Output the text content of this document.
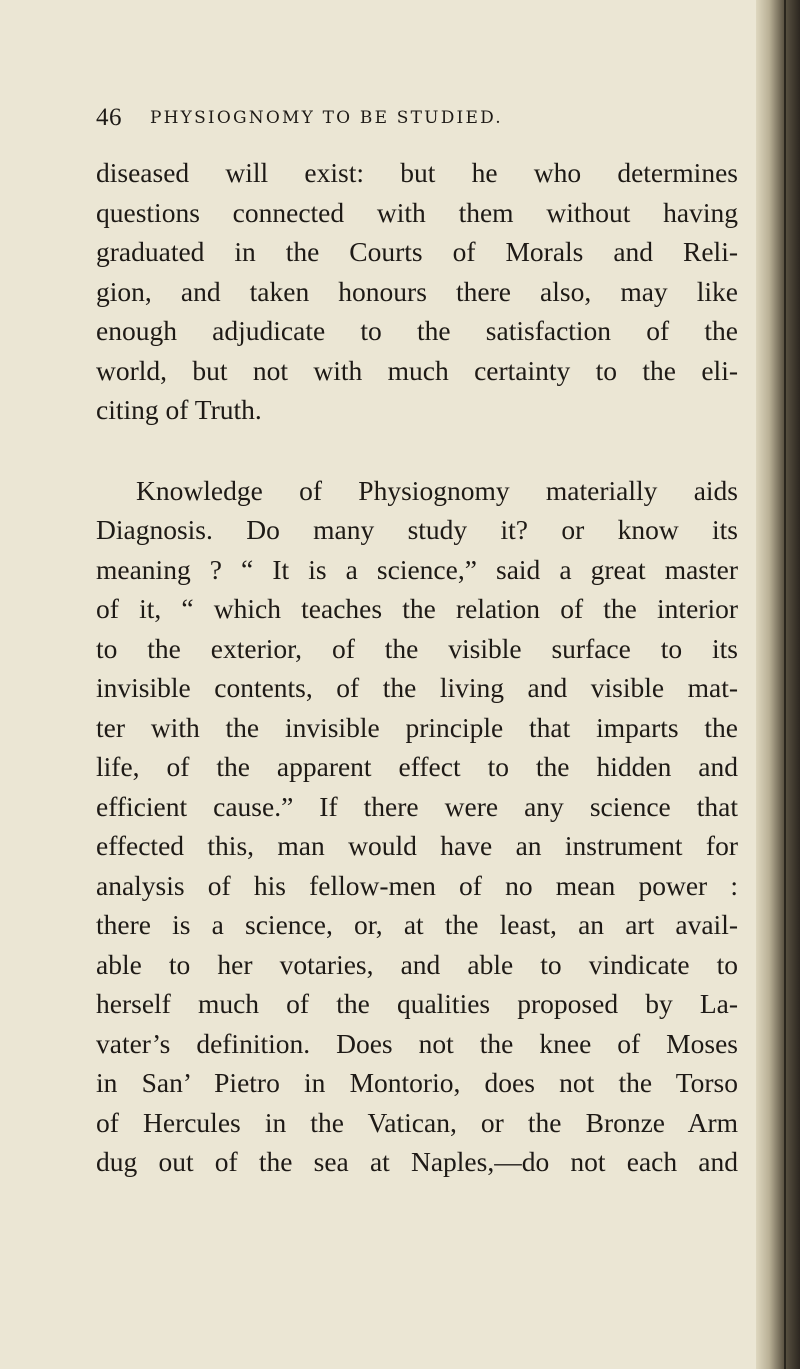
46 PHYSIOGNOMY TO BE STUDIED.
diseased will exist: but he who determines
questions connected with them without having
graduated in the Courts of Morals and Reli-
gion, and taken honours there also, may like
enough adjudicate to the satisfaction of the
world, but not with much certainty to the eli-
citing of Truth.
Knowledge of Physiognomy materially aids
Diagnosis. Do many study it? or know its
meaning ? “ It is a science,” said a great master
of it, “ which teaches the relation of the interior
to the exterior, of the visible surface to its
invisible contents, of the living and visible mat-
ter with the invisible principle that imparts the
life, of the apparent effect to the hidden and
efficient cause.” If there were any science that
effected this, man would have an instrument for
analysis of his fellow-men of no mean power :
there is a science, or, at the least, an art avail-
able to her votaries, and able to vindicate to
herself much of the qualities proposed by La-
vater’s definition. Does not the knee of Moses
in San’ Pietro in Montorio, does not the Torso
of Hercules in the Vatican, or the Bronze Arm
dug out of the sea at Naples,—do not each and
